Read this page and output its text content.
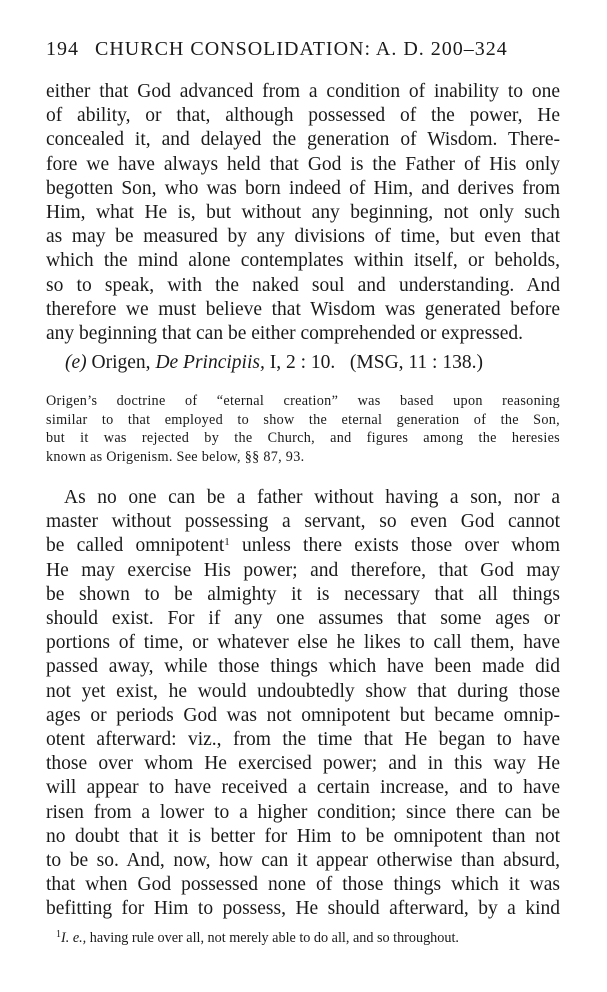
194 CHURCH CONSOLIDATION: A. D. 200–324
either that God advanced from a condition of inability to one
of ability, or that, although possessed of the power, He
concealed it, and delayed the generation of Wisdom. There-
fore we have always held that God is the Father of His only
begotten Son, who was born indeed of Him, and derives from
Him, what He is, but without any beginning, not only such
as may be measured by any divisions of time, but even that
which the mind alone contemplates within itself, or beholds,
so to speak, with the naked soul and understanding. And
therefore we must believe that Wisdom was generated before
any beginning that can be either comprehended or expressed.
(e) Origen, De Principiis, I, 2 : 10. (MSG, 11 : 138.)
Origen’s doctrine of “eternal creation” was based upon reasoning
similar to that employed to show the eternal generation of the Son,
but it was rejected by the Church, and figures among the heresies
known as Origenism. See below, §§ 87, 93.
As no one can be a father without having a son, nor a
master without possessing a servant, so even God cannot
be called omnipotent$^1$ unless there exists those over whom
He may exercise His power; and therefore, that God may
be shown to be almighty it is necessary that all things
should exist. For if any one assumes that some ages or
portions of time, or whatever else he likes to call them, have
passed away, while those things which have been made did
not yet exist, he would undoubtedly show that during those
ages or periods God was not omnipotent but became omnip-
otent afterward: viz., from the time that He began to have
those over whom He exercised power; and in this way He
will appear to have received a certain increase, and to have
risen from a lower to a higher condition; since there can be
no doubt that it is better for Him to be omnipotent than not
to be so. And, now, how can it appear otherwise than absurd,
that when God possessed none of those things which it was
befitting for Him to possess, He should afterward, by a kind
$^1$I. e., having rule over all, not merely able to do all, and so throughout.
